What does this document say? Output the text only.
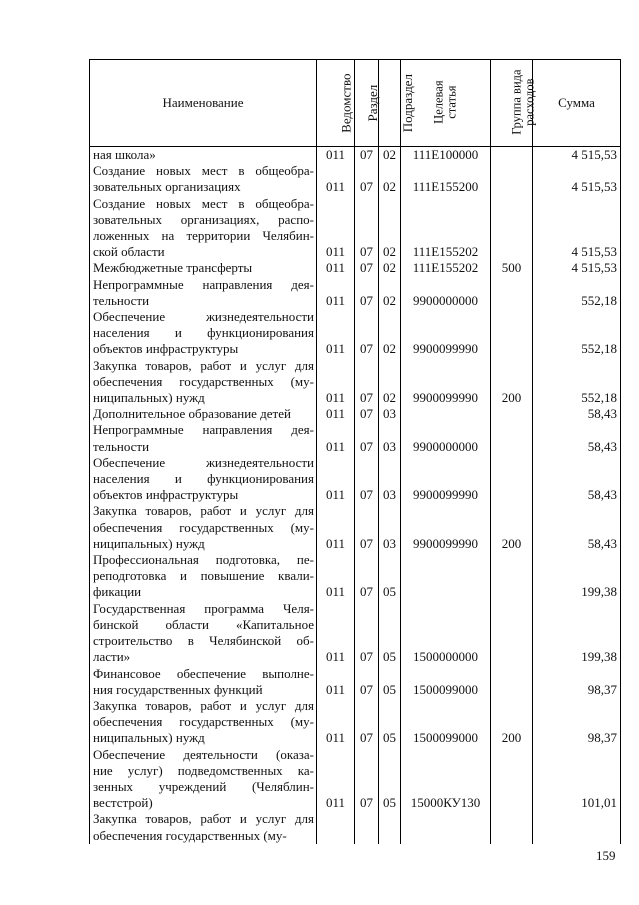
Наименование	Ведомство	Раздел	Подраздел	Целевая
статья	Группа вида
расходов	Сумма

ная школа»	011	07	02	111E100000		4 515,53

Создание новых мест в общеобра-
зовательных организациях	011	07	02	111E155200		4 515,53

Создание новых мест в общеобра-
зовательных организациях, распо-
ложенных на территории Челябин-
ской области	011	07	02	111E155202		4 515,53

Межбюджетные трансферты	011	07	02	111E155202	500	4 515,53

Непрограммные направления дея-
тельности	011	07	02	9900000000		552,18

Обеспечение жизнедеятельности
населения и функционирования
объектов инфраструктуры	011	07	02	9900099990		552,18

Закупка товаров, работ и услуг для
обеспечения государственных (му-
ниципальных) нужд	011	07	02	9900099990	200	552,18

Дополнительное образование детей	011	07	03			58,43

Непрограммные направления дея-
тельности	011	07	03	9900000000		58,43

Обеспечение жизнедеятельности
населения и функционирования
объектов инфраструктуры	011	07	03	9900099990		58,43

Закупка товаров, работ и услуг для
обеспечения государственных (му-
ниципальных) нужд	011	07	03	9900099990	200	58,43

Профессиональная подготовка, пе-
реподготовка и повышение квали-
фикации	011	07	05			199,38

Государственная программа Челя-
бинской области «Капитальное
строительство в Челябинской об-
ласти»	011	07	05	1500000000		199,38

Финансовое обеспечение выполне-
ния государственных функций	011	07	05	1500099000		98,37

Закупка товаров, работ и услуг для
обеспечения государственных (му-
ниципальных) нужд	011	07	05	1500099000	200	98,37

Обеспечение деятельности (оказа-
ние услуг) подведомственных ка-
зенных учреждений (Челяблин-
вестстрой)	011	07	05	15000КУ130		101,01

Закупка товаров, работ и услуг для
обеспечения государственных (му-						

159
